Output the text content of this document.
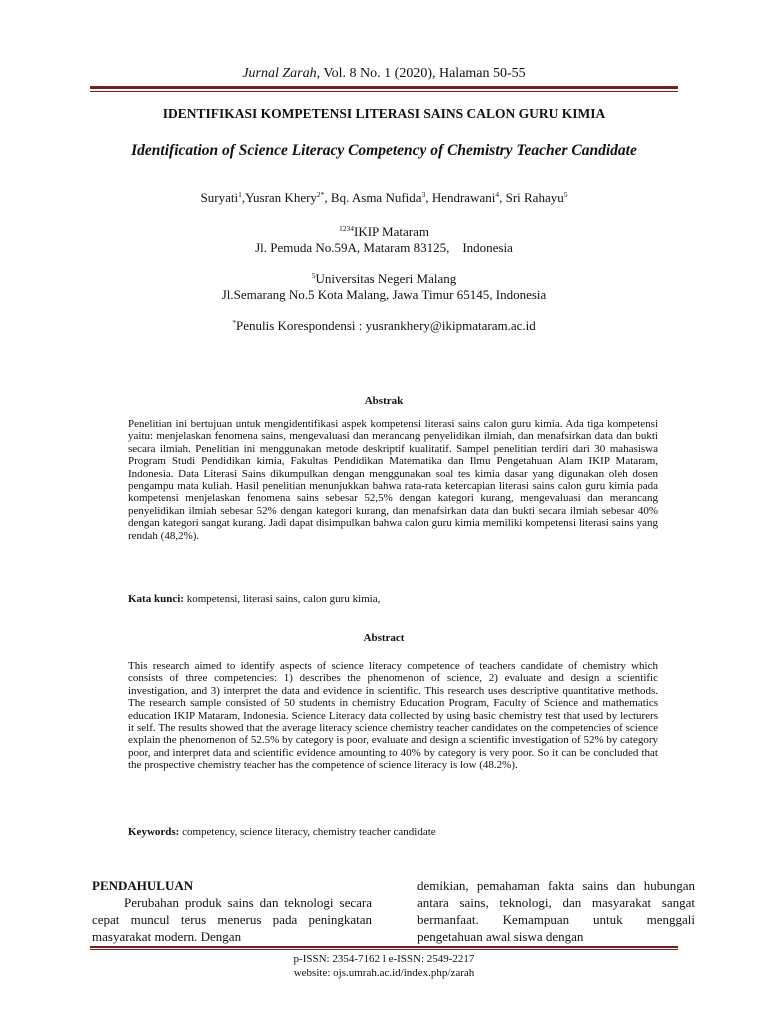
Jurnal Zarah, Vol. 8 No. 1 (2020), Halaman 50-55
IDENTIFIKASI KOMPETENSI LITERASI SAINS CALON GURU KIMIA
Identification of Science Literacy Competency of Chemistry Teacher Candidate
Suryati$^1$,Yusran Khery$^{2*}$, Bq. Asma Nufida$^3$, Hendrawani$^4$, Sri Rahayu$^5$
$^{1234}$IKIP Mataram
Jl. Pemuda No.59A, Mataram 83125,    Indonesia
$^5$Universitas Negeri Malang
Jl.Semarang No.5 Kota Malang, Jawa Timur 65145, Indonesia
*Penulis Korespondensi : yusrankhery@ikipmataram.ac.id
Abstrak
Penelitian ini bertujuan untuk mengidentifikasi aspek kompetensi literasi sains calon guru kimia. Ada tiga kompetensi yaitu: menjelaskan fenomena sains, mengevaluasi dan merancang penyelidikan ilmiah, dan menafsirkan data dan bukti secara ilmiah. Penelitian ini menggunakan metode deskriptif kualitatif. Sampel penelitian terdiri dari 30 mahasiswa Program Studi Pendidikan kimia, Fakultas Pendidikan Matematika dan Ilmu Pengetahuan Alam IKIP Mataram, Indonesia. Data Literasi Sains dikumpulkan dengan menggunakan soal tes kimia dasar yang digunakan oleh dosen pengampu mata kuliah. Hasil penelitian menunjukkan bahwa rata-rata ketercapian literasi sains calon guru kimia pada kompetensi menjelaskan fenomena sains sebesar 52,5% dengan kategori kurang, mengevaluasi dan merancang penyelidikan ilmiah sebesar 52% dengan kategori kurang, dan menafsirkan data dan bukti secara ilmiah sebesar 40% dengan kategori sangat kurang. Jadi dapat disimpulkan bahwa calon guru kimia memiliki kompetensi literasi sains yang rendah (48,2%).
Kata kunci: kompetensi, literasi sains, calon guru kimia,
Abstract
This research aimed to identify aspects of science literacy competence of teachers candidate of chemistry which consists of three competencies: 1) describes the phenomenon of science, 2) evaluate and design a scientific investigation, and 3) interpret the data and evidence in scientific. This research uses descriptive quantitative methods. The research sample consisted of 50 students in chemistry Education Program, Faculty of Science and mathematics education IKIP Mataram, Indonesia. Science Literacy data collected by using basic chemistry test that used by lecturers it self. The results showed that the average literacy science chemistry teacher candidates on the competencies of science explain the phenomenon of 52.5% by category is poor, evaluate and design a scientific investigation of 52% by category poor, and interpret data and scientific evidence amounting to 40% by category is very poor. So it can be concluded that the prospective chemistry teacher has the competence of science literacy is low (48.2%).
Keywords: competency, science literacy, chemistry teacher candidate
PENDAHULUAN
Perubahan produk sains dan teknologi secara cepat muncul terus menerus pada peningkatan masyarakat modern. Dengan
demikian, pemahaman fakta sains dan hubungan antara sains, teknologi, dan masyarakat sangat bermanfaat. Kemampuan untuk menggali pengetahuan awal siswa dengan
p-ISSN: 2354-7162 l e-ISSN: 2549-2217
website: ojs.umrah.ac.id/index.php/zarah
